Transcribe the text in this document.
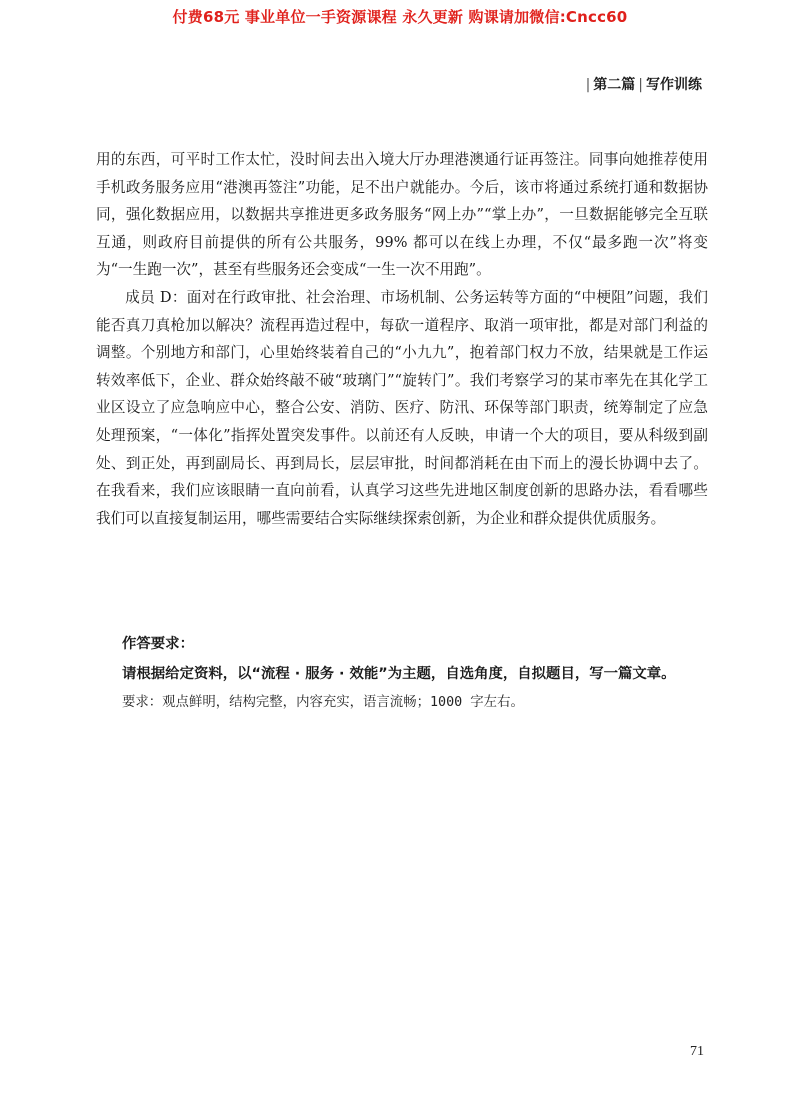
付费68元 事业单位一手资源课程 永久更新 购课请加微信:Cncc60
| 第二篇 | 写作训练

用的东西，可平时工作太忙，没时间去出入境大厅办理港澳通行证再签注。同事向她推荐使用手机政务服务应用“港澳再签注”功能，足不出户就能办。今后，该市将通过系统打通和数据协同，强化数据应用，以数据共享推进更多政务服务“网上办”“掌上办”，一旦数据能够完全互联互通，则政府目前提供的所有公共服务，99% 都可以在线上办理，不仅“最多跑一次”将变为“一生跑一次”，甚至有些服务还会变成“一生一次不用跑”。

成员 D：面对在行政审批、社会治理、市场机制、公务运转等方面的“中梗阻”问题，我们能否真刀真枪加以解决？流程再造过程中，每砍一道程序、取消一项审批，都是对部门利益的调整。个别地方和部门，心里始终装着自己的“小九九”，抱着部门权力不放，结果就是工作运转效率低下，企业、群众始终敲不破“玻璃门”“旋转门”。我们考察学习的某市率先在其化学工业区设立了应急响应中心，整合公安、消防、医疗、防汛、环保等部门职责，统筹制定了应急处理预案，“一体化”指挥处置突发事件。以前还有人反映，申请一个大的项目，要从科级到副处、到正处，再到副局长、再到局长，层层审批，时间都消耗在由下而上的漫长协调中去了。在我看来，我们应该眼睛一直向前看，认真学习这些先进地区制度创新的思路办法，看看哪些我们可以直接复制运用，哪些需要结合实际继续探索创新，为企业和群众提供优质服务。

作答要求：
请根据给定资料，以“流程 · 服务 · 效能”为主题，自选角度，自拟题目，写一篇文章。
要求：观点鲜明，结构完整，内容充实，语言流畅；1000 字左右。
71
